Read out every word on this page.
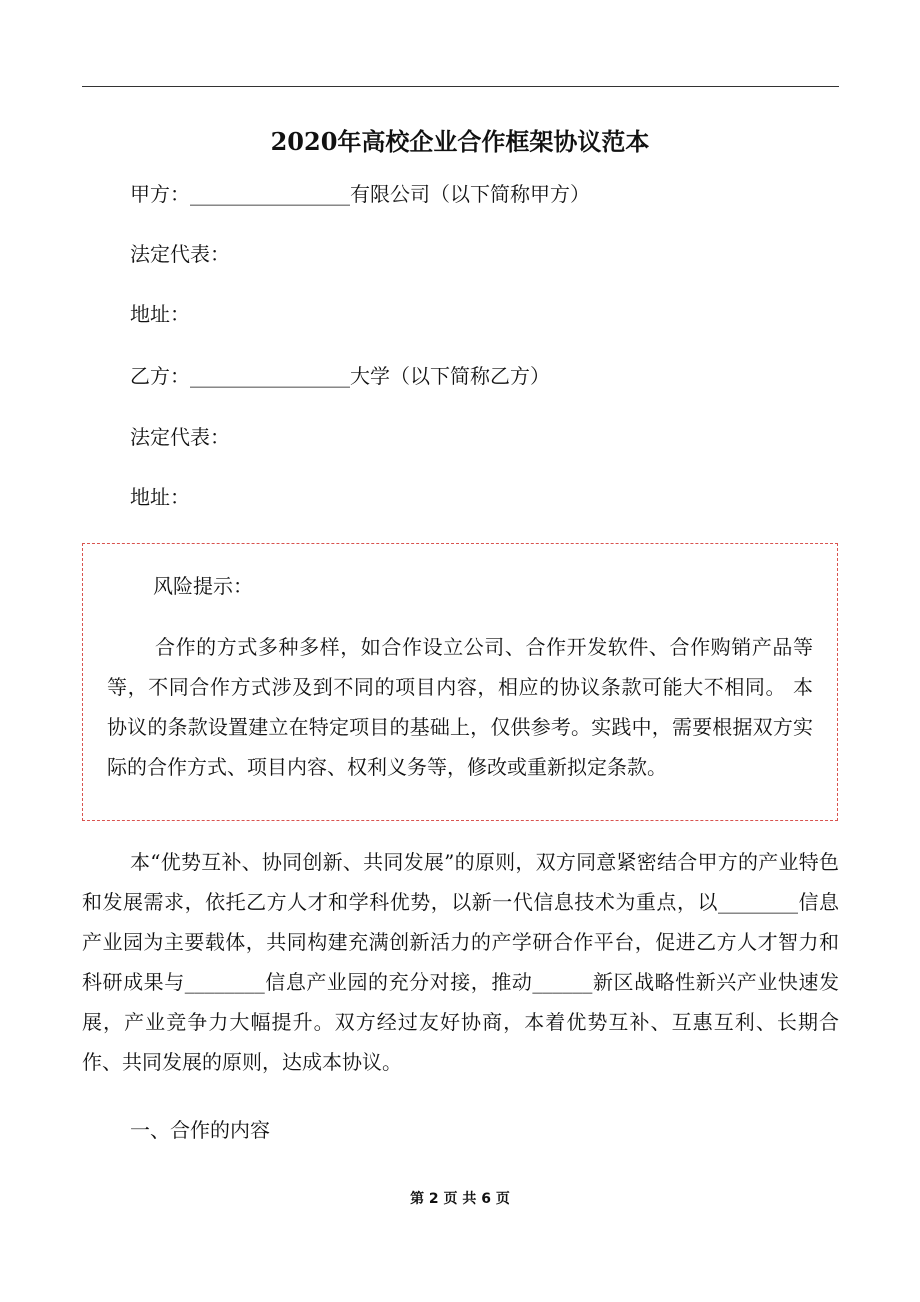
2020年高校企业合作框架协议范本
甲方：________________有限公司（以下简称甲方）
法定代表：
地址：
乙方：________________大学（以下简称乙方）
法定代表：
地址：
风险提示：
合作的方式多种多样，如合作设立公司、合作开发软件、合作购销产品等等，不同合作方式涉及到不同的项目内容，相应的协议条款可能大不相同。 本协议的条款设置建立在特定项目的基础上，仅供参考。实践中，需要根据双方实际的合作方式、项目内容、权利义务等，修改或重新拟定条款。
本“优势互补、协同创新、共同发展”的原则，双方同意紧密结合甲方的产业特色和发展需求，依托乙方人才和学科优势，以新一代信息技术为重点，以________信息产业园为主要载体，共同构建充满创新活力的产学研合作平台，促进乙方人才智力和科研成果与________信息产业园的充分对接，推动______新区战略性新兴产业快速发展，产业竞争力大幅提升。双方经过友好协商，本着优势互补、互惠互利、长期合作、共同发展的原则，达成本协议。
一、合作的内容
第 2 页 共 6 页
